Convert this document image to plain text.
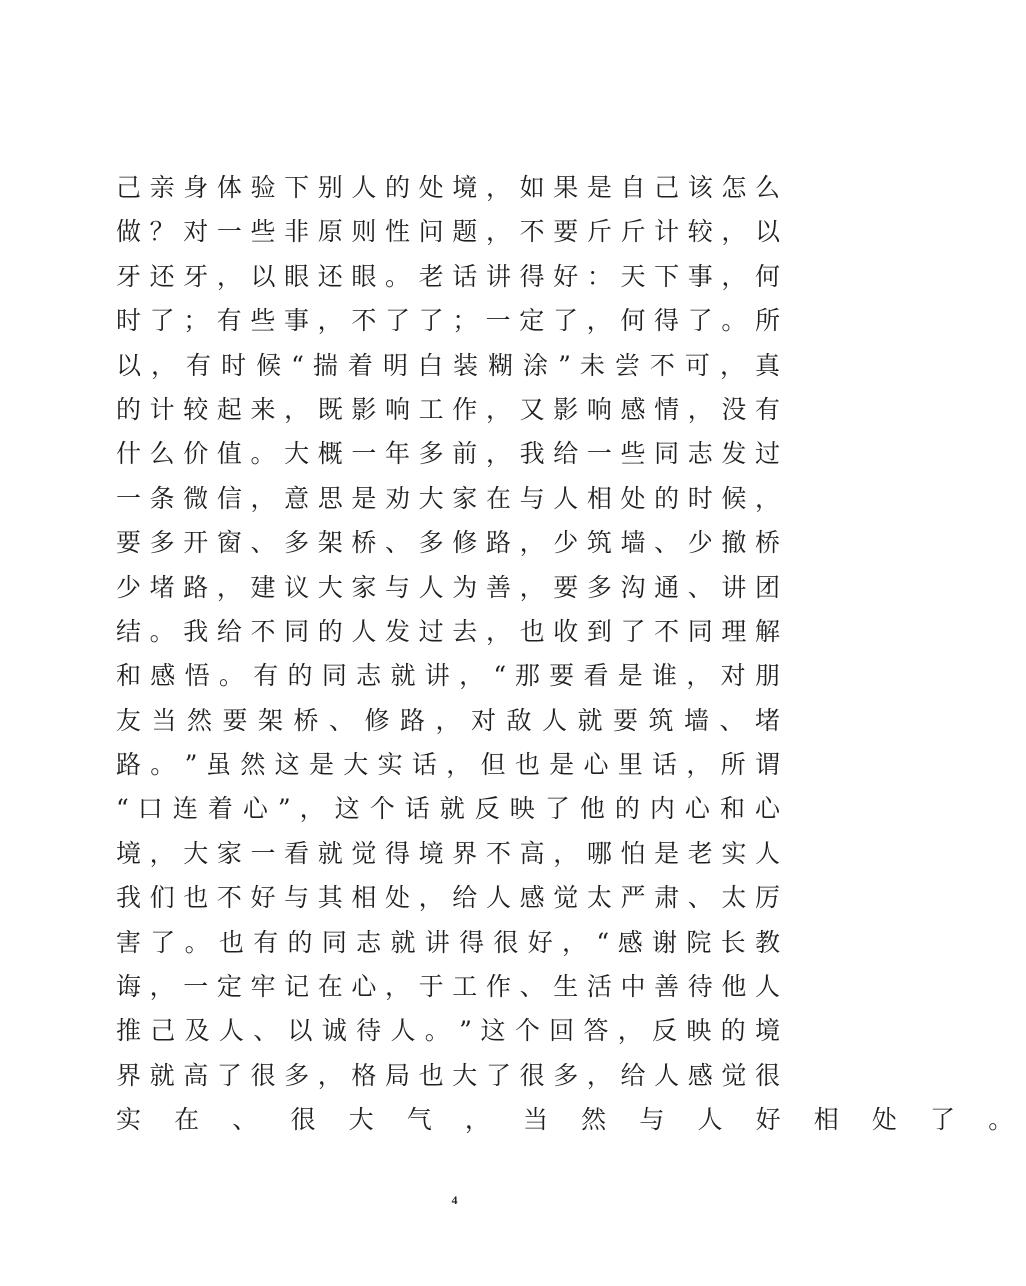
己 亲 身 体 验 下 别 人 的 处 境 ， 如 果 是 自 己 该 怎 么
做 ？ 对 一 些 非 原 则 性 问 题 ， 不 要 斤 斤 计 较 ， 以
牙 还 牙 ， 以 眼 还 眼 。 老 话 讲 得 好 ： 天 下 事 ， 何
时 了 ； 有 些 事 ， 不 了 了 ； 一 定 了 ， 何 得 了 。 所
以 ， 有 时 候 “ 揣 着 明 白 装 糊 涂 ” 未 尝 不 可 ， 真
的 计 较 起 来 ， 既 影 响 工 作 ， 又 影 响 感 情 ， 没 有
什 么 价 值 。 大 概 一 年 多 前 ， 我 给 一 些 同 志 发 过
一 条 微 信 ， 意 思 是 劝 大 家 在 与 人 相 处 的 时 候 ，
要 多 开 窗 、 多 架 桥 、 多 修 路 ， 少 筑 墙 、 少 撤 桥
少 堵 路 ， 建 议 大 家 与 人 为 善 ， 要 多 沟 通 、 讲 团
结 。 我 给 不 同 的 人 发 过 去 ， 也 收 到 了 不 同 理 解
和 感 悟 。 有 的 同 志 就 讲 ， “ 那 要 看 是 谁 ， 对 朋
友 当 然 要 架 桥 、 修 路 ， 对 敌 人 就 要 筑 墙 、 堵
路 。 ” 虽 然 这 是 大 实 话 ， 但 也 是 心 里 话 ， 所 谓
“ 口 连 着 心 ” ， 这 个 话 就 反 映 了 他 的 内 心 和 心
境 ， 大 家 一 看 就 觉 得 境 界 不 高 ， 哪 怕 是 老 实 人
我 们 也 不 好 与 其 相 处 ， 给 人 感 觉 太 严 肃 、 太 厉
害 了 。 也 有 的 同 志 就 讲 得 很 好 ， “ 感 谢 院 长 教
诲 ， 一 定 牢 记 在 心 ， 于 工 作 、 生 活 中 善 待 他 人
推 己 及 人 、 以 诚 待 人 。 ” 这 个 回 答 ， 反 映 的 境
界 就 高 了 很 多 ， 格 局 也 大 了 很 多 ， 给 人 感 觉 很
实 在 、 很 大 气 ， 当 然 与 人 好 相 处 了 。
4
